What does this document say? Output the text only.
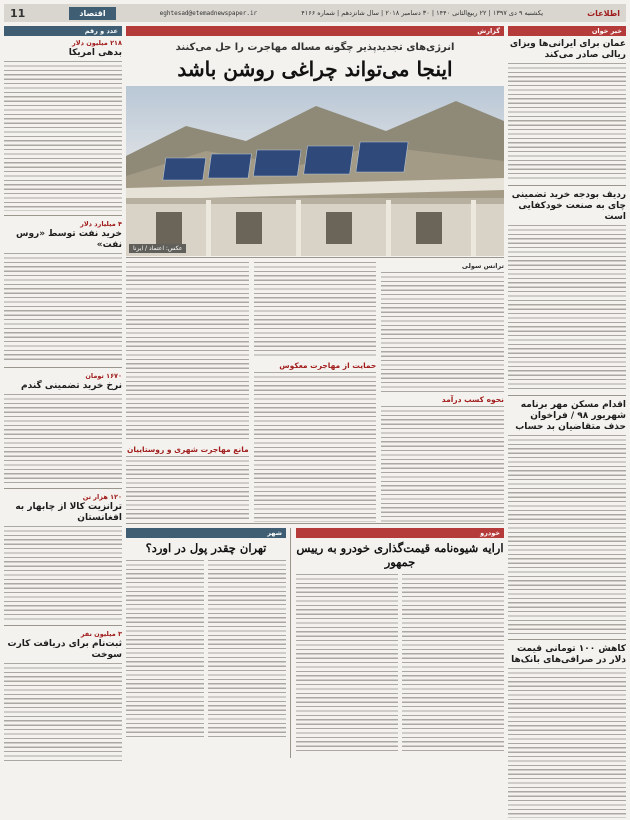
اطلاعات
یکشنبه ۹ دی ۱۳۹۷ | ۲۲ ربیع‌الثانی ۱۴۴۰ | ۳۰ دسامبر ۲۰۱۸ | سال شانزدهم | شماره ۴۱۶۶
eghtesad@etemadnewspaper.ir
اقتصاد
11
خبر خوان
عمان برای ایرانی‌ها ویزای ریالی صادر می‌کند
ردیف بودجه خرید تضمینی چای به صنعت خودکفایی است
اقدام مسکن مهر برنامه شهریور ۹۸ / فراخوان حذف متقاضیان بد حساب
کاهش ۱۰۰ تومانی قیمت دلار در صرافی‌های بانک‌ها
عدد و رقم
۲۱۸ میلیون دلار
بدهی امریکا
۴ میلیارد دلار
خرید نفت توسط «روس نفت»
۱۶۷۰ تومان
نرخ خرید تضمینی گندم
۱۲۰ هزار تن
ترانزیت کالا از چابهار به افغانستان
۳ میلیون نفر
ثبت‌نام برای دریافت کارت سوخت
گزارش
انرژی‌های تجدیدپذیر چگونه مساله مهاجرت را حل می‌کنند
اینجا می‌تواند چراغی روشن باشد
عکس: اعتماد / ایرنا
ترانس سولی
نحوه کسب درآمد
حمایت از مهاجرت معکوس
مانع مهاجرت شهری و روستاییان
خودرو
ارایه شیوه‌نامه قیمت‌گذاری خودرو به رییس جمهور
شهر
تهران چقدر پول در اورد؟
